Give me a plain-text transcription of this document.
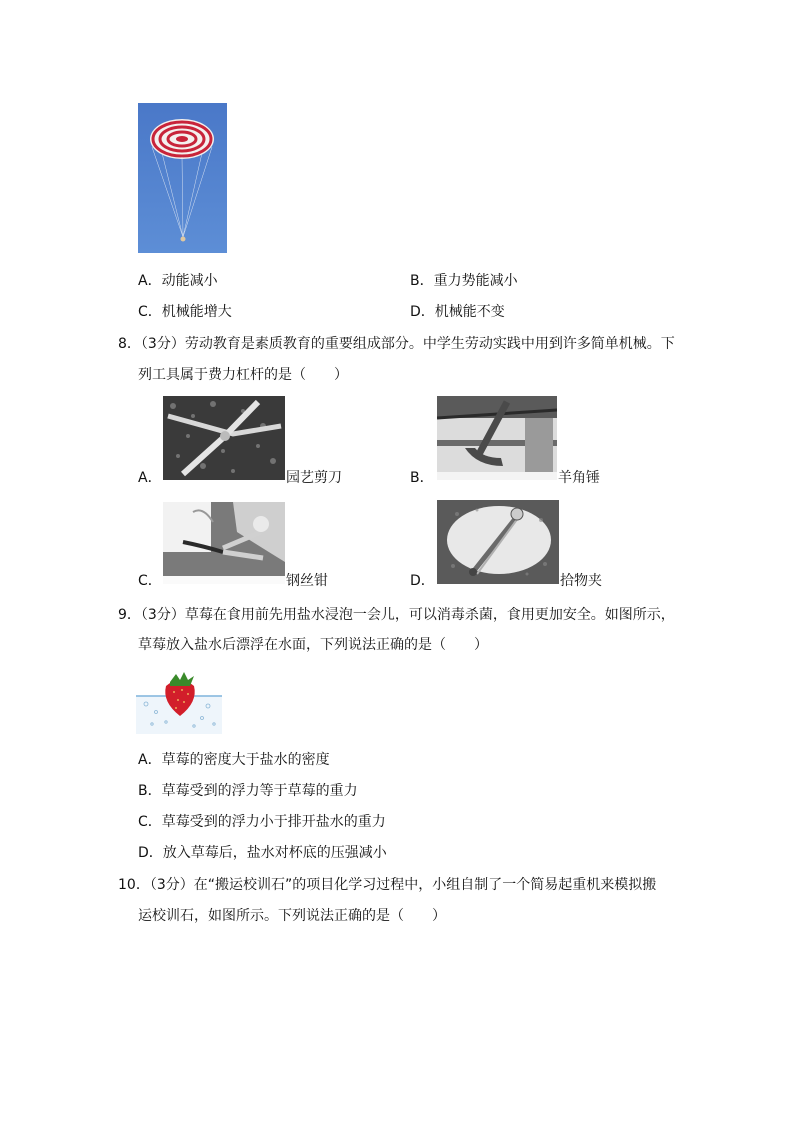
A．动能减小	B．重力势能减小
C．机械能增大	D．机械能不变
8．（3分）劳动教育是素质教育的重要组成部分。中学生劳动实践中用到许多简单机械。下
列工具属于费力杠杆的是（　　）
A．	园艺剪刀	B．	羊角锤
C．	钢丝钳	D．	拾物夹
9．（3分）草莓在食用前先用盐水浸泡一会儿，可以消毒杀菌，食用更加安全。如图所示，
草莓放入盐水后漂浮在水面，下列说法正确的是（　　）
A．草莓的密度大于盐水的密度
B．草莓受到的浮力等于草莓的重力
C．草莓受到的浮力小于排开盐水的重力
D．放入草莓后，盐水对杯底的压强减小
10．（3分）在“搬运校训石”的项目化学习过程中，小组自制了一个简易起重机来模拟搬
运校训石，如图所示。下列说法正确的是（　　）
